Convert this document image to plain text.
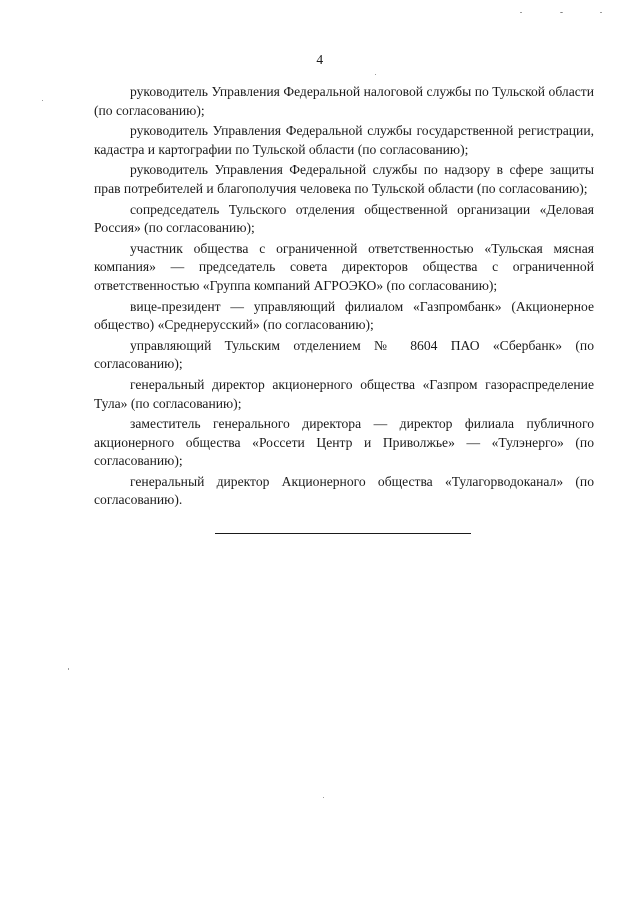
4

руководитель Управления Федеральной налоговой службы по Тульской области (по согласованию);

руководитель Управления Федеральной службы государственной регистрации, кадастра и картографии по Тульской области (по согласованию);

руководитель Управления Федеральной службы по надзору в сфере защиты прав потребителей и благополучия человека по Тульской области (по согласованию);

сопредседатель Тульского отделения общественной организации «Деловая Россия» (по согласованию);

участник общества с ограниченной ответственностью «Тульская мясная компания» — председатель совета директоров общества с ограниченной ответственностью «Группа компаний АГРОЭКО» (по согласованию);

вице-президент — управляющий филиалом «Газпромбанк» (Акционерное общество) «Среднерусский» (по согласованию);

управляющий Тульским отделением № 8604 ПАО «Сбербанк» (по согласованию);

генеральный директор акционерного общества «Газпром газораспределение Тула» (по согласованию);

заместитель генерального директора — директор филиала публичного акционерного общества «Россети Центр и Приволжье» — «Тулэнерго» (по согласованию);

генеральный директор Акционерного общества «Тулагорводоканал» (по согласованию).
